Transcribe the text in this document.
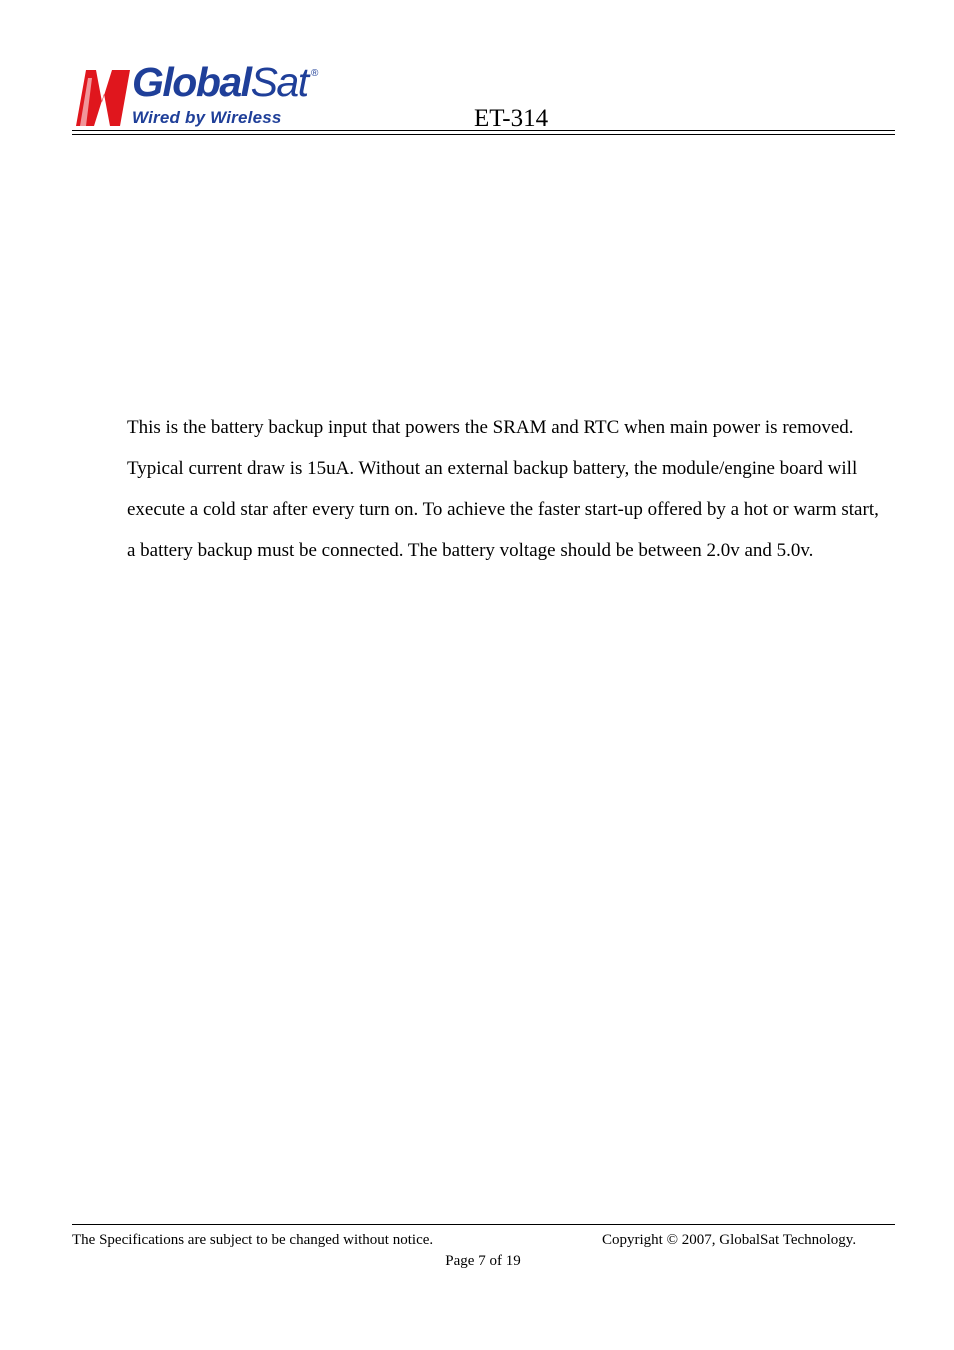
GlobalSat ®
Wired by Wireless	ET-314
This is the battery backup input that powers the SRAM and RTC when main power is removed.
Typical current draw is 15uA. Without an external backup battery, the module/engine board will
execute a cold star after every turn on. To achieve the faster start-up offered by a hot or warm start,
a battery backup must be connected. The battery voltage should be between 2.0v and 5.0v.
The Specifications are subject to be changed without notice.	Copyright © 2007, GlobalSat Technology.
Page 7 of 19
